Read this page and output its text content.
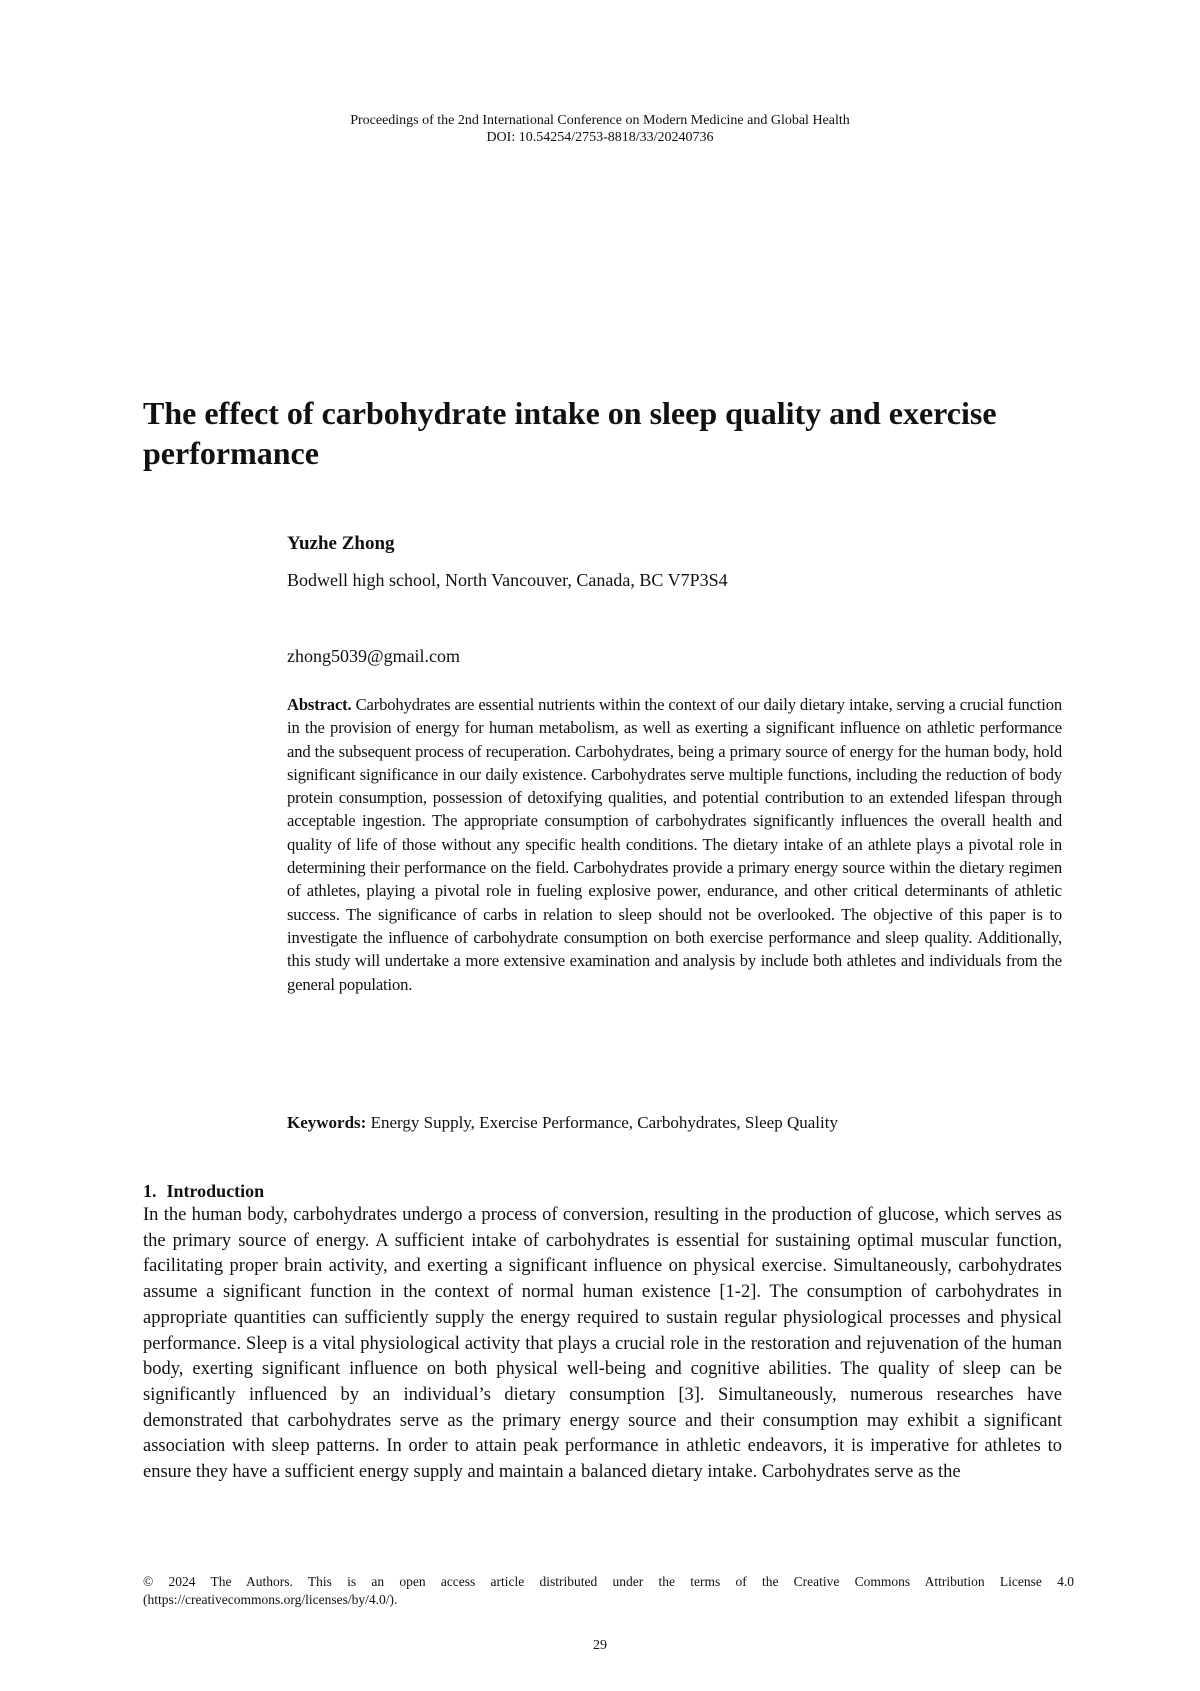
Proceedings of the 2nd International Conference on Modern Medicine and Global Health
DOI: 10.54254/2753-8818/33/20240736
The effect of carbohydrate intake on sleep quality and exercise performance
Yuzhe Zhong
Bodwell high school, North Vancouver, Canada, BC V7P3S4
zhong5039@gmail.com

Abstract. Carbohydrates are essential nutrients within the context of our daily dietary intake, serving a crucial function in the provision of energy for human metabolism, as well as exerting a significant influence on athletic performance and the subsequent process of recuperation. Carbohydrates, being a primary source of energy for the human body, hold significant significance in our daily existence. Carbohydrates serve multiple functions, including the reduction of body protein consumption, possession of detoxifying qualities, and potential contribution to an extended lifespan through acceptable ingestion. The appropriate consumption of carbohydrates significantly influences the overall health and quality of life of those without any specific health conditions. The dietary intake of an athlete plays a pivotal role in determining their performance on the field. Carbohydrates provide a primary energy source within the dietary regimen of athletes, playing a pivotal role in fueling explosive power, endurance, and other critical determinants of athletic success. The significance of carbs in relation to sleep should not be overlooked. The objective of this paper is to investigate the influence of carbohydrate consumption on both exercise performance and sleep quality. Additionally, this study will undertake a more extensive examination and analysis by include both athletes and individuals from the general population.

Keywords: Energy Supply, Exercise Performance, Carbohydrates, Sleep Quality

1. Introduction

In the human body, carbohydrates undergo a process of conversion, resulting in the production of glucose, which serves as the primary source of energy. A sufficient intake of carbohydrates is essential for sustaining optimal muscular function, facilitating proper brain activity, and exerting a significant influence on physical exercise. Simultaneously, carbohydrates assume a significant function in the context of normal human existence [1-2]. The consumption of carbohydrates in appropriate quantities can sufficiently supply the energy required to sustain regular physiological processes and physical performance. Sleep is a vital physiological activity that plays a crucial role in the restoration and rejuvenation of the human body, exerting significant influence on both physical well-being and cognitive abilities. The quality of sleep can be significantly influenced by an individual’s dietary consumption [3]. Simultaneously, numerous researches have demonstrated that carbohydrates serve as the primary energy source and their consumption may exhibit a significant association with sleep patterns. In order to attain peak performance in athletic endeavors, it is imperative for athletes to ensure they have a sufficient energy supply and maintain a balanced dietary intake. Carbohydrates serve as the

© 2024 The Authors. This is an open access article distributed under the terms of the Creative Commons Attribution License 4.0 (https://creativecommons.org/licenses/by/4.0/).

29
